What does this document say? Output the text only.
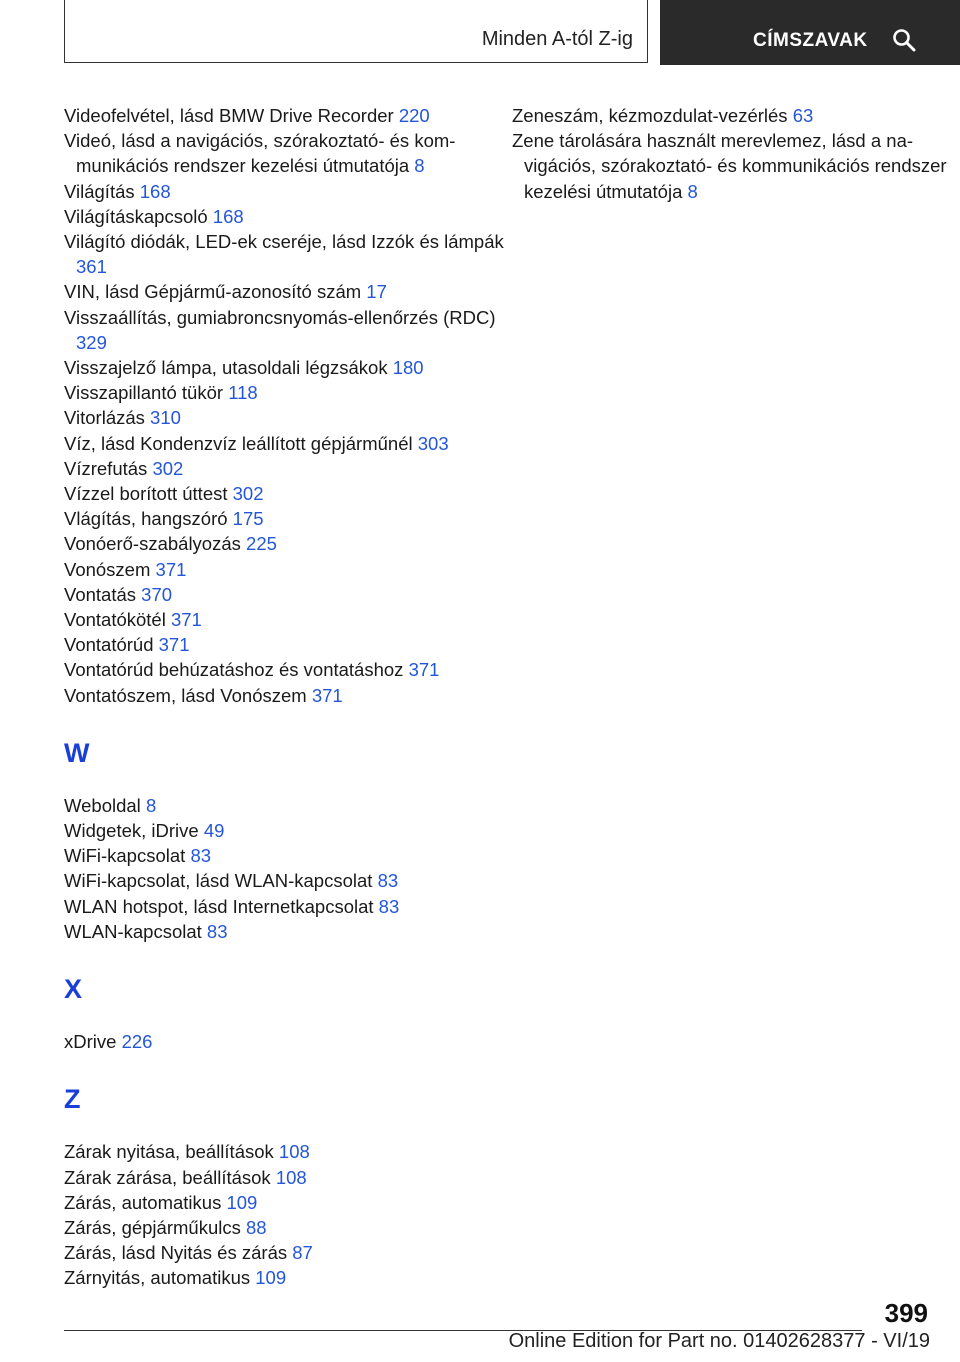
Minden A-tól Z-ig	CÍMSZAVAK
Videofelvétel, lásd BMW Drive Recorder 220
Videó, lásd a navigációs, szórakoztató- és kom‐munikációs rendszer kezelési útmutatója 8
Világítás 168
Világításkapcsoló 168
Világító diódák, LED-ek cseréje, lásd Izzók és lámpák 361
VIN, lásd Gépjármű-azonosító szám 17
Visszaállítás, gumiabroncsnyomás-ellenőrzés (RDC) 329
Visszajelző lámpa, utasoldali légzsákok 180
Visszapillantó tükör 118
Vitorlázás 310
Víz, lásd Kondenzvíz leállított gépjárműnél 303
Vízrefutás 302
Vízzel borított úttest 302
Vlágítás, hangszóró 175
Vonóerő-szabályozás 225
Vonószem 371
Vontatás 370
Vontatókötél 371
Vontatórúd 371
Vontatórúd behúzatáshoz és vontatáshoz 371
Vontatószem, lásd Vonószem 371
W
Weboldal 8
Widgetek, iDrive 49
WiFi-kapcsolat 83
WiFi-kapcsolat, lásd WLAN-kapcsolat 83
WLAN hotspot, lásd Internetkapcsolat 83
WLAN-kapcsolat 83
X
xDrive 226
Z
Zárak nyitása, beállítások 108
Zárak zárása, beállítások 108
Zárás, automatikus 109
Zárás, gépjárműkulcs 88
Zárás, lásd Nyitás és zárás 87
Zárnyitás, automatikus 109
Zeneszám, kézmozdulat-vezérlés 63
Zene tárolására használt merevlemez, lásd a na‐vigációs, szórakoztató- és kommunikációs rendszer kezelési útmutatója 8
399
Online Edition for Part no. 01402628377 - VI/19
